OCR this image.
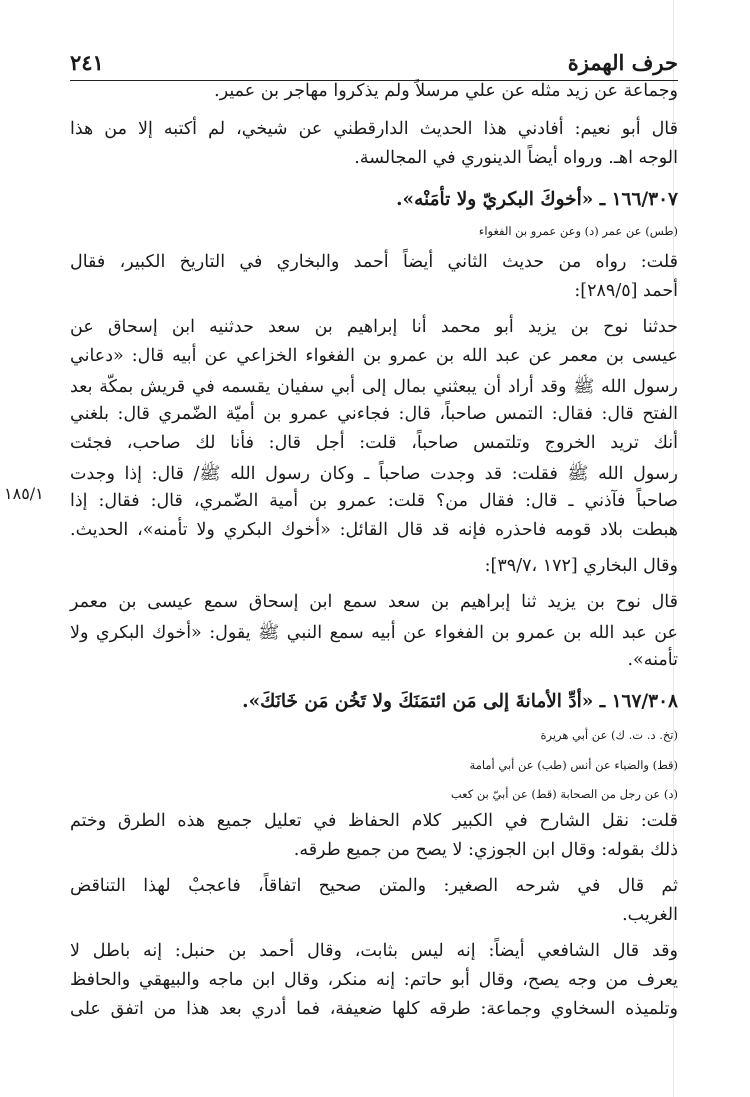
حرف الهمزة
٢٤١
١٨٥/١
وجماعة عن زيد مثله عن علي مرسلاً ولم يذكروا مهاجر بن عمير.
قال أبو نعيم: أفادني هذا الحديث الدارقطني عن شيخي، لم أكتبه إلا من هذا
الوجه اهـ. ورواه أيضاً الدينوري في المجالسة.
١٦٦/٣٠٧ ـ «أخوكَ البكريّ ولا تأمَنْه».
(طس) عن عمر (د) وعن عمرو بن الفغواء
قلت: رواه من حديث الثاني أيضاً أحمد والبخاري في التاريخ الكبير، فقال
أحمد [٢٨٩/٥]:
حدثنا نوح بن يزيد أبو محمد أنا إبراهيم بن سعد حدثنيه ابن إسحاق عن
عيسى بن معمر عن عبد الله بن عمرو بن الفغواء الخزاعي عن أبيه قال: «دعاني
رسول الله ﷺ وقد أراد أن يبعثني بمال إلى أبي سفيان يقسمه في قريش بمكّة بعد
الفتح قال: فقال: التمس صاحباً، قال: فجاءني عمرو بن أميّة الضّمري قال: بلغني
أنك تريد الخروج وتلتمس صاحباً، قلت: أجل قال: فأنا لك صاحب، فجئت
رسول الله ﷺ فقلت: قد وجدت صاحباً ـ وكان رسول الله ﷺ/ قال: إذا وجدت
صاحباً فآذني ـ قال: فقال من؟ قلت: عمرو بن أمية الضّمري، قال: فقال: إذا
هبطت بلاد قومه فاحذره فإنه قد قال القائل: «أخوك البكري ولا تأمنه»، الحديث.
وقال البخاري [١٧٢ ،٣٩/٧]:
قال نوح بن يزيد ثنا إبراهيم بن سعد سمع ابن إسحاق سمع عيسى بن معمر
عن عبد الله بن عمرو بن الفغواء عن أبيه سمع النبي ﷺ يقول: «أخوك البكري ولا
تأمنه».
١٦٧/٣٠٨ ـ «أدِّ الأمانةَ إلى مَن ائتمَنَكَ ولا تَخُن مَن خَانَكَ».
(تخ. د. ت. ك) عن أبي هريرة
(قط) والضياء عن أنس (طب) عن أبي أمامة
(د) عن رجل من الصحابة (قط) عن أبيّ بن كعب
قلت: نقل الشارح في الكبير كلام الحفاظ في تعليل جميع هذه الطرق وختم
ذلك بقوله: وقال ابن الجوزي: لا يصح من جميع طرقه.
ثم قال في شرحه الصغير: والمتن صحيح اتفاقاً، فاعجبْ لهذا التناقض
الغريب.
وقد قال الشافعي أيضاً: إنه ليس بثابت، وقال أحمد بن حنبل: إنه باطل لا
يعرف من وجه يصح، وقال أبو حاتم: إنه منكر، وقال ابن ماجه والبيهقي والحافظ
وتلميذه السخاوي وجماعة: طرقه كلها ضعيفة، فما أدري بعد هذا من اتفق على
